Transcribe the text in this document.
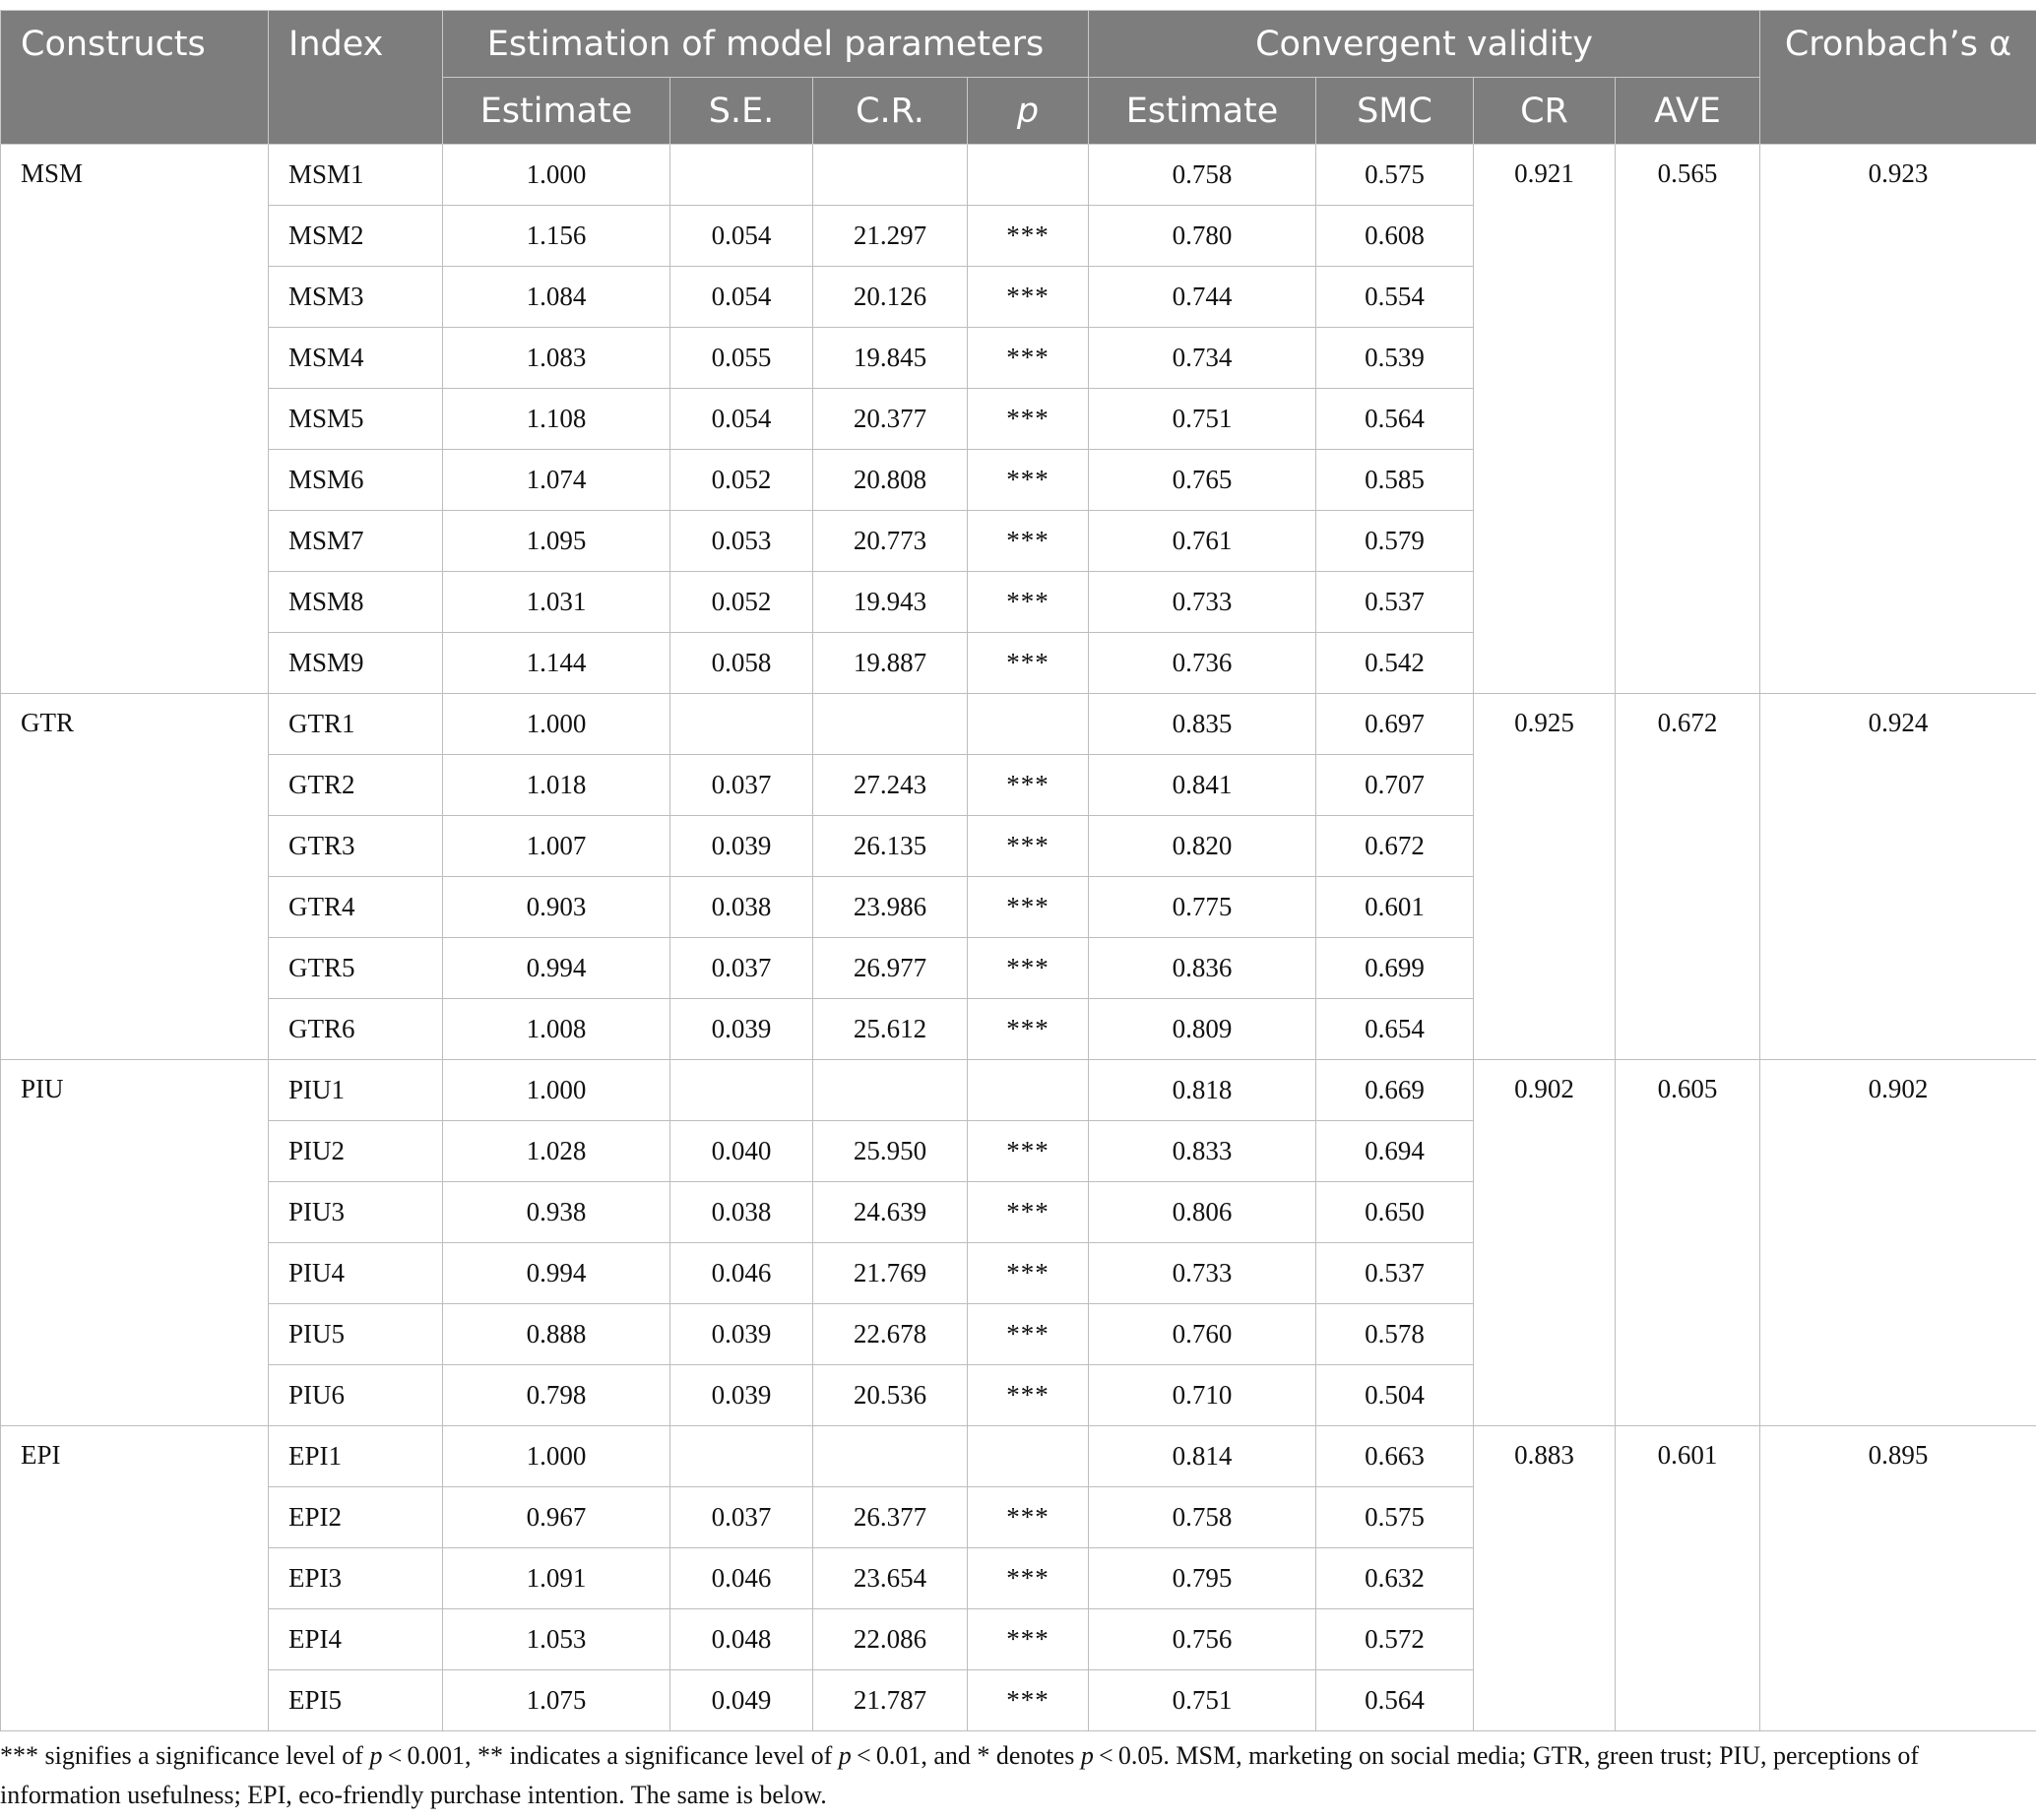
Constructs	Index	Estimation of model parameters				Convergent validity				Cronbach’s α
		Estimate	S.E.	C.R.	p	Estimate	SMC	CR	AVE	
MSM	MSM1	1.000				0.758	0.575	0.921	0.565	0.923
	MSM2	1.156	0.054	21.297	***	0.780	0.608			
	MSM3	1.084	0.054	20.126	***	0.744	0.554			
	MSM4	1.083	0.055	19.845	***	0.734	0.539			
	MSM5	1.108	0.054	20.377	***	0.751	0.564			
	MSM6	1.074	0.052	20.808	***	0.765	0.585			
	MSM7	1.095	0.053	20.773	***	0.761	0.579			
	MSM8	1.031	0.052	19.943	***	0.733	0.537			
	MSM9	1.144	0.058	19.887	***	0.736	0.542			
GTR	GTR1	1.000				0.835	0.697	0.925	0.672	0.924
	GTR2	1.018	0.037	27.243	***	0.841	0.707			
	GTR3	1.007	0.039	26.135	***	0.820	0.672			
	GTR4	0.903	0.038	23.986	***	0.775	0.601			
	GTR5	0.994	0.037	26.977	***	0.836	0.699			
	GTR6	1.008	0.039	25.612	***	0.809	0.654			
PIU	PIU1	1.000				0.818	0.669	0.902	0.605	0.902
	PIU2	1.028	0.040	25.950	***	0.833	0.694			
	PIU3	0.938	0.038	24.639	***	0.806	0.650			
	PIU4	0.994	0.046	21.769	***	0.733	0.537			
	PIU5	0.888	0.039	22.678	***	0.760	0.578			
	PIU6	0.798	0.039	20.536	***	0.710	0.504			
EPI	EPI1	1.000				0.814	0.663	0.883	0.601	0.895
	EPI2	0.967	0.037	26.377	***	0.758	0.575			
	EPI3	1.091	0.046	23.654	***	0.795	0.632			
	EPI4	1.053	0.048	22.086	***	0.756	0.572			
	EPI5	1.075	0.049	21.787	***	0.751	0.564			
*** signifies a significance level of p < 0.001, ** indicates a significance level of p < 0.01, and * denotes p < 0.05. MSM, marketing on social media; GTR, green trust; PIU, perceptions of information usefulness; EPI, eco-friendly purchase intention. The same is below.
